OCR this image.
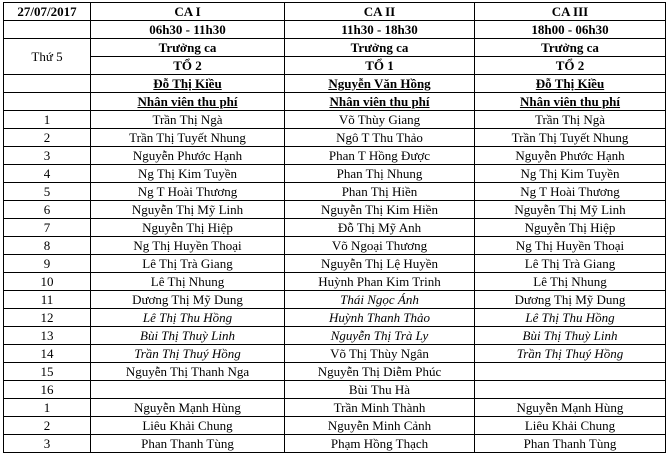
27/07/2017	CA I	CA II	CA III
	06h30 - 11h30	11h30 - 18h30	18h00 - 06h30
Thứ 5	Trưởng ca	Trưởng ca	Trưởng ca
	TỔ 2	TỔ 1	TỔ 2
	Đỗ Thị Kiều	Nguyễn Văn Hồng	Đỗ Thị Kiều
	Nhân viên thu phí	Nhân viên thu phí	Nhân viên thu phí
1	Trần Thị Ngà	Võ Thùy Giang	Trần Thị Ngà
2	Trần Thị Tuyết Nhung	Ngô T Thu Thảo	Trần Thị Tuyết Nhung
3	Nguyễn Phước Hạnh	Phan T Hồng Được	Nguyễn Phước Hạnh
4	Ng Thị Kim Tuyền	Phan Thị Nhung	Ng Thị Kim Tuyền
5	Ng T Hoài Thương	Phan Thị Hiền	Ng T Hoài Thương
6	Nguyễn Thị Mỹ Linh	Nguyễn Thị Kim Hiền	Nguyễn Thị Mỹ Linh
7	Nguyễn Thị Hiệp	Đỗ Thị Mỹ Anh	Nguyễn Thị Hiệp
8	Ng Thị Huyền Thoại	Võ Ngoại Thương	Ng Thị Huyền Thoại
9	Lê Thị Trà Giang	Nguyễn Thị Lệ Huyền	Lê Thị Trà Giang
10	Lê Thị Nhung	Huỳnh Phan Kim Trinh	Lê Thị Nhung
11	Dương Thị Mỹ Dung	Thái Ngọc Ánh	Dương Thị Mỹ Dung
12	Lê Thị Thu Hồng	Huỳnh Thanh Thảo	Lê Thị Thu Hồng
13	Bùi Thị Thuỳ Linh	Nguyễn Thị Trà Ly	Bùi Thị Thuỳ Linh
14	Trần Thị Thuý Hồng	Võ Thị Thùy Ngân	Trần Thị Thuý Hồng
15	Nguyễn Thị Thanh Nga	Nguyễn Thị Diễm Phúc	
16		Bùi Thu Hà	
1	Nguyễn Mạnh Hùng	Trần Minh Thành	Nguyễn Mạnh Hùng
2	Liêu Khải Chung	Nguyễn Minh Cảnh	Liêu Khải Chung
3	Phan Thanh Tùng	Phạm Hồng Thạch	Phan Thanh Tùng
